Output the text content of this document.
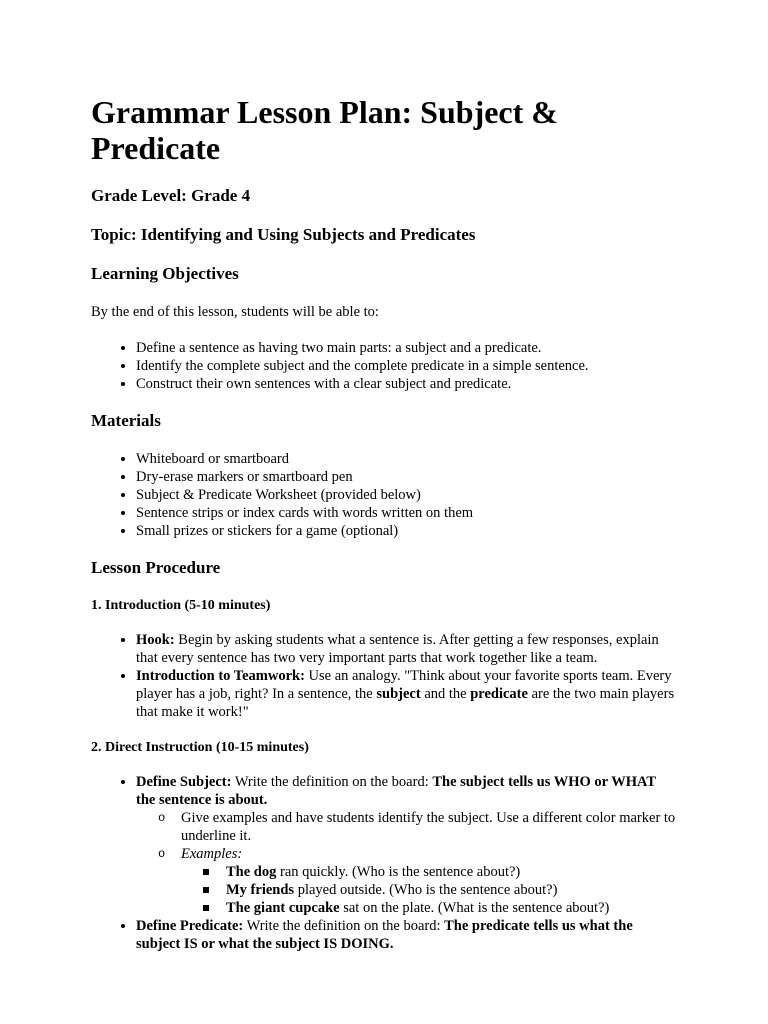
Grammar Lesson Plan: Subject & Predicate
Grade Level: Grade 4
Topic: Identifying and Using Subjects and Predicates
Learning Objectives

By the end of this lesson, students will be able to:

• Define a sentence as having two main parts: a subject and a predicate.
• Identify the complete subject and the complete predicate in a simple sentence.
• Construct their own sentences with a clear subject and predicate.
Materials
• Whiteboard or smartboard
• Dry-erase markers or smartboard pen
• Subject & Predicate Worksheet (provided below)
• Sentence strips or index cards with words written on them
• Small prizes or stickers for a game (optional)
Lesson Procedure
1. Introduction (5-10 minutes)
• Hook: Begin by asking students what a sentence is. After getting a few responses, explain that every sentence has two very important parts that work together like a team.
• Introduction to Teamwork: Use an analogy. "Think about your favorite sports team. Every player has a job, right? In a sentence, the subject and the predicate are the two main players that make it work!"
2. Direct Instruction (10-15 minutes)
• Define Subject: Write the definition on the board: The subject tells us WHO or WHAT the sentence is about.
o Give examples and have students identify the subject. Use a different color marker to underline it.
o Examples:
The dog ran quickly. (Who is the sentence about?)
My friends played outside. (Who is the sentence about?)
The giant cupcake sat on the plate. (What is the sentence about?)
• Define Predicate: Write the definition on the board: The predicate tells us what the subject IS or what the subject IS DOING.
